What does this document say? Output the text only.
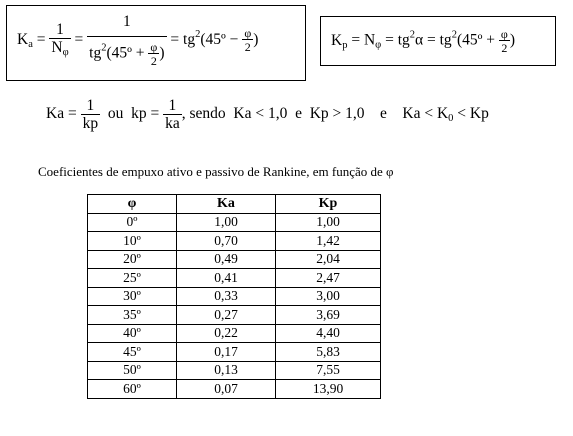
$K_a = \frac{1}{N_\varphi} = \frac{1}{tg^2(45º + \frac{\varphi}{2} )}$ = $tg^2(45º - \frac{\varphi}{2}$ )	$K_p = N_\varphi = tg^2\alpha$ = $tg^2(45º + \frac{\varphi}{2}$ )
$Ka = \frac{1}{kp}$ ou kp = $\frac{1}{ka}$ , sendo  Ka < 1,0  e  Kp > 1,0    e    $Ka < K_0 < Kp$
Coeficientes de empuxo ativo e passivo de Rankine, em função de φ
φ	Ka	Kp
0º	1,00	1,00
10º	0,70	1,42
20º	0,49	2,04
25º	0,41	2,47
30º	0,33	3,00
35º	0,27	3,69
40º	0,22	4,40
45º	0,17	5,83
50º	0,13	7,55
60º	0,07	13,90
